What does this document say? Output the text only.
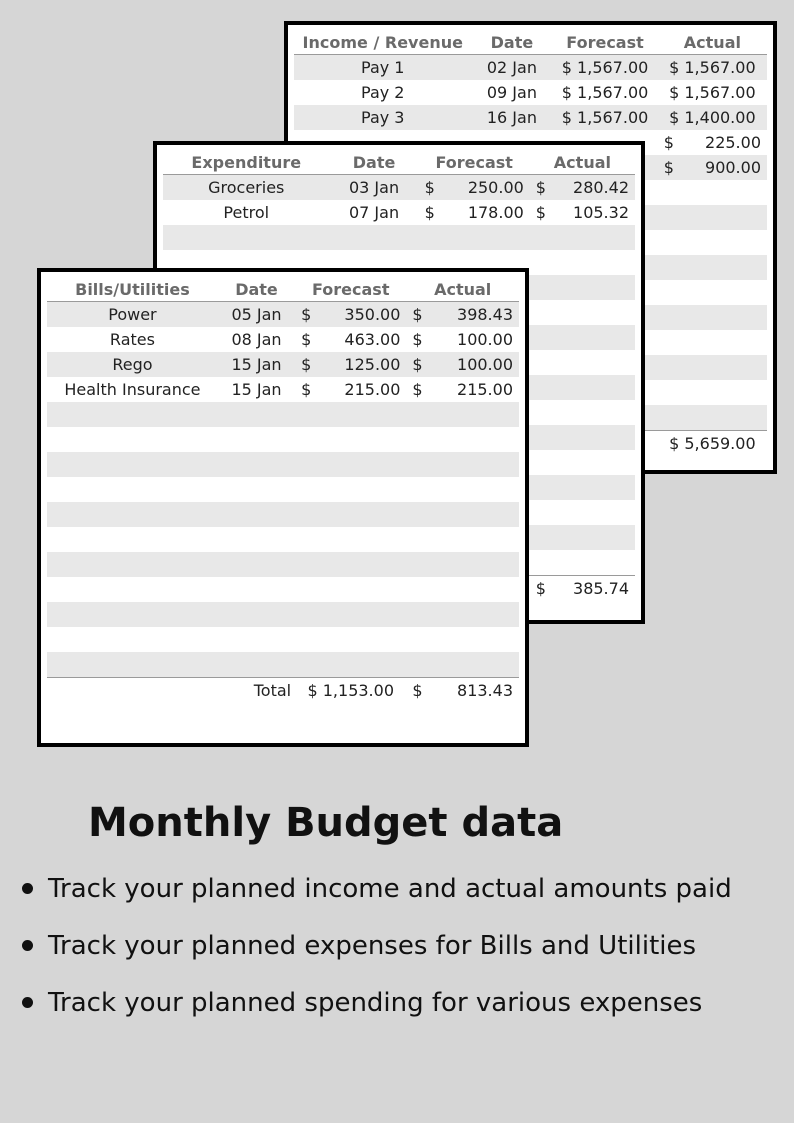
Income / Revenue	Date	Forecast	Actual
Pay 1	02 Jan	$ 1,567.00	$ 1,567.00
Pay 2	09 Jan	$ 1,567.00	$ 1,567.00
Pay 3	16 Jan	$ 1,567.00	$ 1,400.00

			$ 225.00

			$ 900.00

			$ 5,659.00
Expenditure	Date	Forecast	Actual
Groceries	03 Jan	$ 250.00	$ 280.42

Petrol	07 Jan	$ 178.00	$ 105.32

			$ 385.74
Bills/Utilities	Date	Forecast	Actual
Power	05 Jan	$ 350.00	$ 398.43

Rates	08 Jan	$ 463.00	$ 100.00

Rego	15 Jan	$ 125.00	$ 100.00

Health Insurance	15 Jan	$ 215.00	$ 215.00

	Total	$ 1,153.00	$ 813.43
Monthly Budget data
Track your planned income and actual amounts paid
Track your planned expenses for Bills and Utilities
Track your planned spending for various expenses
